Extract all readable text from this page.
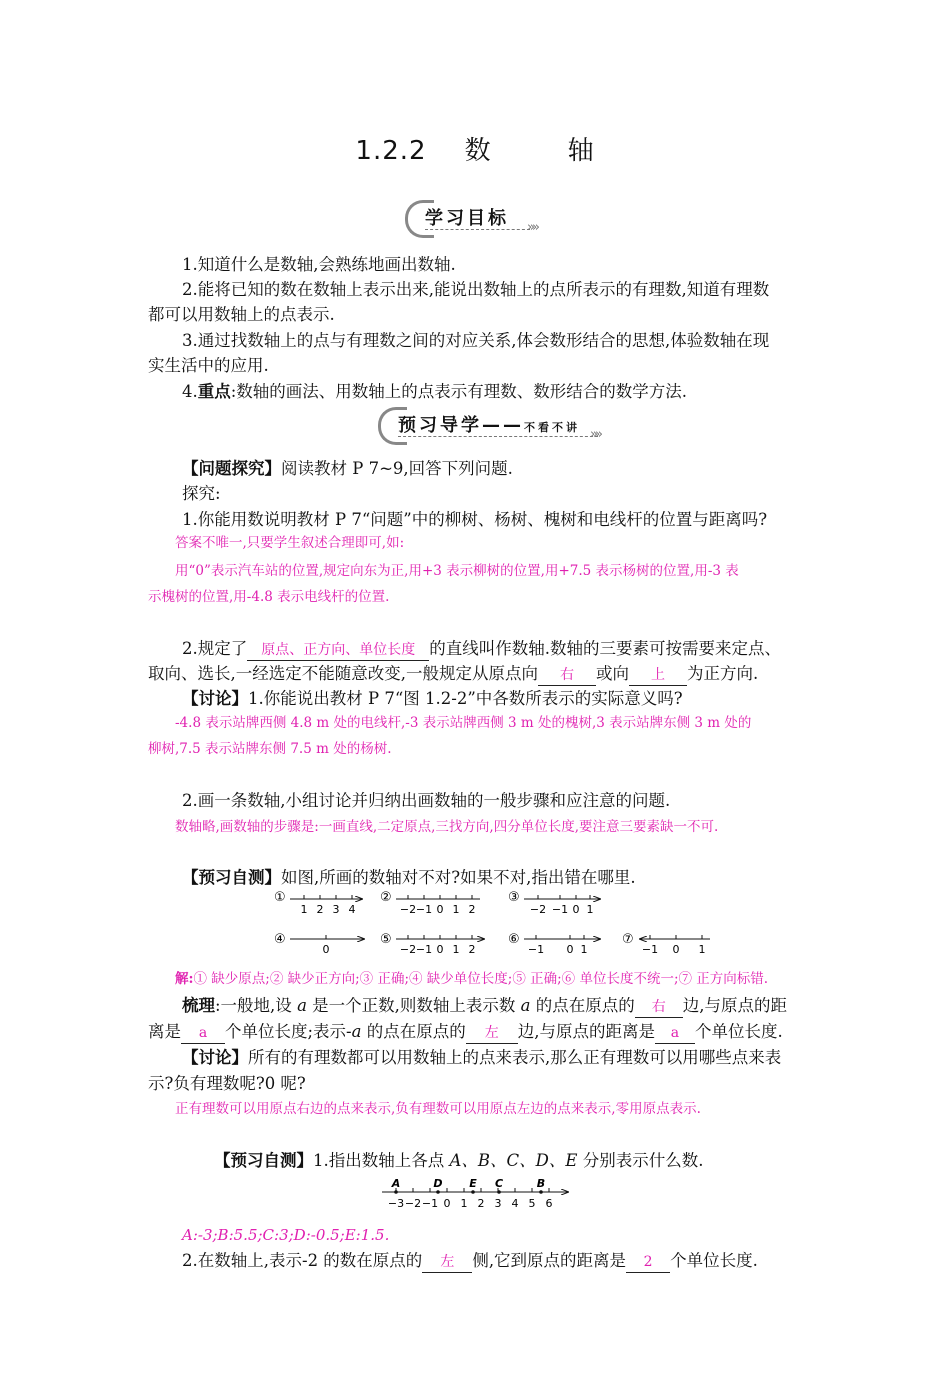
1.2.2 数	轴
学习目标 »»
1.知道什么是数轴,会熟练地画出数轴.
2.能将已知的数在数轴上表示出来,能说出数轴上的点所表示的有理数,知道有理数
都可以用数轴上的点表示.
3.通过找数轴上的点与有理数之间的对应关系,体会数形结合的思想,体验数轴在现
实生活中的应用.
4.重点:数轴的画法、用数轴上的点表示有理数、数形结合的数学方法.
预习导学——不看不讲 »»
【问题探究】阅读教材 P 7~9,回答下列问题.
探究:
1.你能用数说明教材 P 7“问题”中的柳树、杨树、槐树和电线杆的位置与距离吗?
答案不唯一,只要学生叙述合理即可,如:
用“0”表示汽车站的位置,规定向东为正,用+3 表示柳树的位置,用+7.5 表示杨树的位置,用-3 表
示槐树的位置,用-4.8 表示电线杆的位置.
2.规定了 原点、正方向、单位长度 的直线叫作数轴.数轴的三要素可按需要来定点、
取向、选长,一经选定不能随意改变,一般规定从原点向 右 或向 上 为正方向.
【讨论】1.你能说出教材 P 7“图 1.2-2”中各数所表示的实际意义吗?
-4.8 表示站牌西侧 4.8 m 处的电线杆,-3 表示站牌西侧 3 m 处的槐树,3 表示站牌东侧 3 m 处的
柳树,7.5 表示站牌东侧 7.5 m 处的杨树.
2.画一条数轴,小组讨论并归纳出画数轴的一般步骤和应注意的问题.
数轴略,画数轴的步骤是:一画直线,二定原点,三找方向,四分单位长度,要注意三要素缺一不可.
【预习自测】如图,所画的数轴对不对?如果不对,指出错在哪里.
①
1 2 3 4
②
−2 −1 0 1 2
③
−2 −1 0 1
④
0
⑤
−2 −1 0 1 2
⑥
−1 0 1
⑦
−1 0 1
解:① 缺少原点;② 缺少正方向;③ 正确;④ 缺少单位长度;⑤ 正确;⑥ 单位长度不统一;⑦ 正方向标错.
梳理:一般地,设 a 是一个正数,则数轴上表示数 a 的点在原点的 右 边,与原点的距
离是 a 个单位长度;表示-a 的点在原点的 左 边,与原点的距离是 a 个单位长度.
【讨论】所有的有理数都可以用数轴上的点来表示,那么正有理数可以用哪些点来表
示?负有理数呢?0 呢?
正有理数可以用原点右边的点来表示,负有理数可以用原点左边的点来表示,零用原点表示.
【预习自测】1.指出数轴上各点 A、B、C、D、E 分别表示什么数.
A	D E C	B
−3 −2 −1 0 1 2 3 4 5 6
A:-3;B:5.5;C:3;D:-0.5;E:1.5.
2.在数轴上,表示-2 的数在原点的 左 侧,它到原点的距离是 2 个单位长度.
